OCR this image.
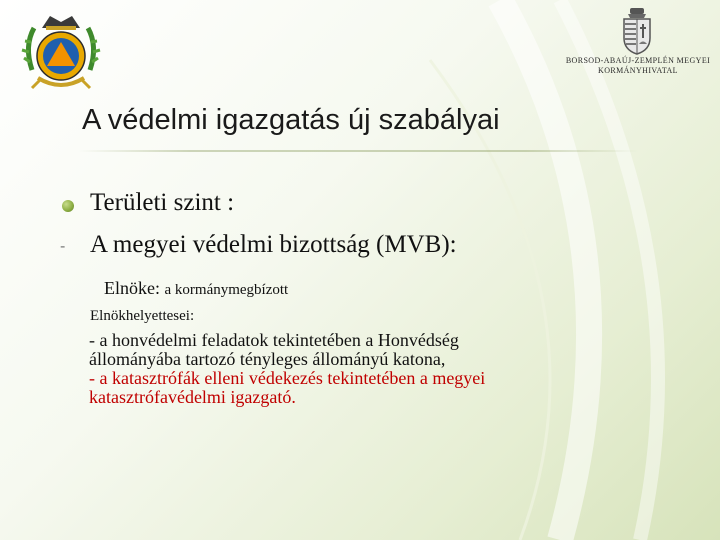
BORSOD-ABAÚJ-ZEMPLÉN MEGYEI
KORMÁNYHIVATAL
A védelmi igazgatás új szabályai
Területi szint :
- A megyei védelmi bizottság (MVB):
Elnöke: a kormánymegbízott
Elnökhelyettesei:
- a honvédelmi feladatok tekintetében a Honvédség
állományába tartozó tényleges állományú katona,
- a katasztrófák elleni védekezés tekintetében a megyei
katasztrófavédelmi igazgató.
